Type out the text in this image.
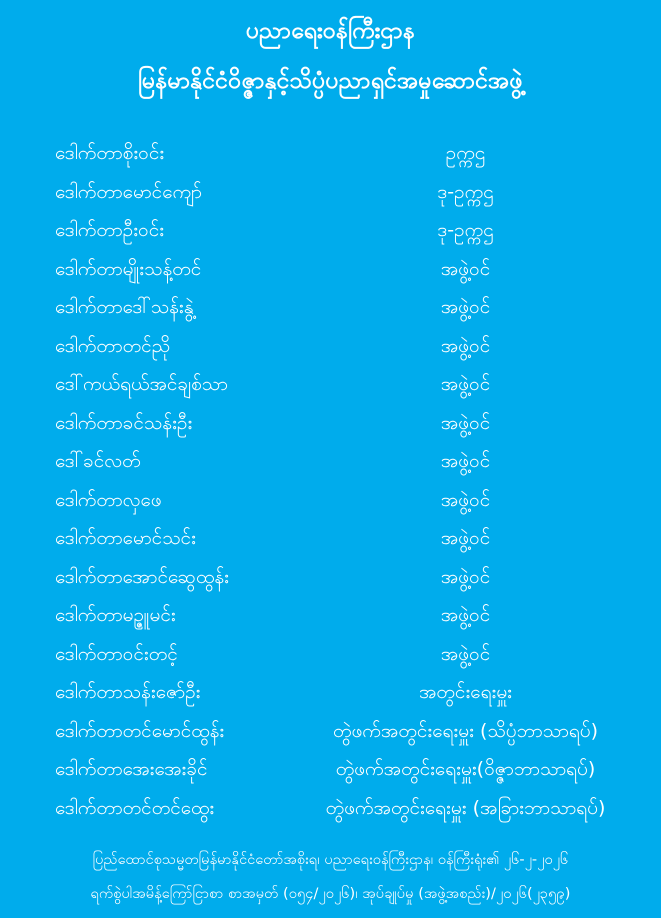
ပညာရေးဝန်ကြီးဌာန
မြန်မာနိုင်ငံဝိဇ္ဇာနှင့်သိပ္ပံပညာရှင်အမှုဆောင်အဖွဲ့
ဒေါက်တာစိုးဝင်း	ဥက္ကဌ
ဒေါက်တာမောင်ကျော်	ဒု-ဥက္ကဌ
ဒေါက်တာဦးဝင်း	ဒု-ဥက္ကဌ
ဒေါက်တာမျိုးသန့်တင်	အဖွဲ့ဝင်
ဒေါက်တာဒေါ်သန်းနွဲ့	အဖွဲ့ဝင်
ဒေါက်တာတင်ညို	အဖွဲ့ဝင်
ဒေါ်ကယ်ရယ်အင်ချစ်သာ	အဖွဲ့ဝင်
ဒေါက်တာခင်သန်းဦး	အဖွဲ့ဝင်
ဒေါ်ခင်လတ်	အဖွဲ့ဝင်
ဒေါက်တာလှဖေ	အဖွဲ့ဝင်
ဒေါက်တာမောင်သင်း	အဖွဲ့ဝင်
ဒေါက်တာအောင်ဆွေထွန်း	အဖွဲ့ဝင်
ဒေါက်တာမဉ္ဇူမင်း	အဖွဲ့ဝင်
ဒေါက်တာဝင်းတင့်	အဖွဲ့ဝင်
ဒေါက်တာသန်းဇော်ဦး	အတွင်းရေးမှူး
ဒေါက်တာတင်မောင်ထွန်း	တွဲဖက်အတွင်းရေးမှူး (သိပ္ပံဘာသာရပ်)
ဒေါက်တာအေးအေးခိုင်	တွဲဖက်အတွင်းရေးမှူး(ဝိဇ္ဇာဘာသာရပ်)
ဒေါက်တာတင်တင်ထွေး	တွဲဖက်အတွင်းရေးမှူး (အခြားဘာသာရပ်)
ပြည်ထောင်စုသမ္မတမြန်မာနိုင်ငံတော်အစိုးရ၊ ပညာရေးဝန်ကြီးဌာန၊ ဝန်ကြီးရုံး၏ ၂၆-၂-၂၀၂၆
ရက်စွဲပါအမိန့်ကြော်ငြာစာ စာအမှတ် (၀၅၄/၂၀၂၆)၊ အုပ်ချုပ်မှု (အဖွဲ့အစည်း)/၂၀၂၆(၂၃၅၉)
